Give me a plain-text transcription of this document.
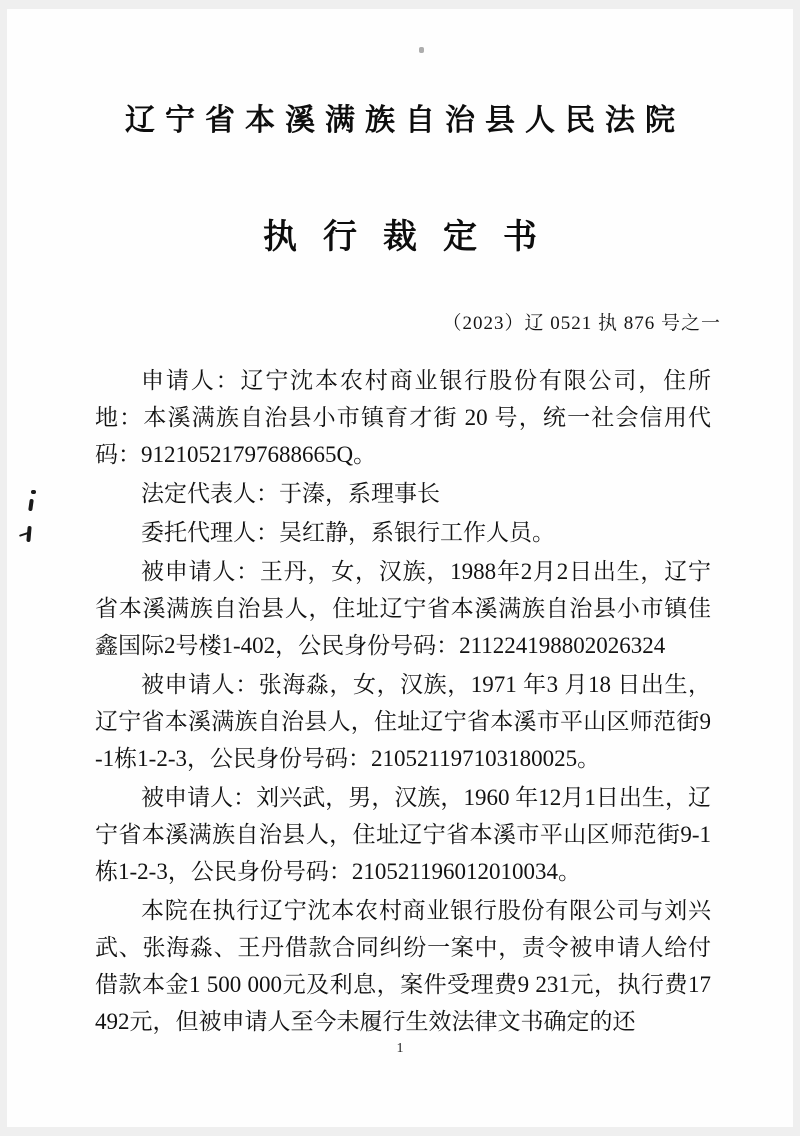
辽宁省本溪满族自治县人民法院
执行裁定书
（2023）辽 0521 执 876 号之一

申请人：辽宁沈本农村商业银行股份有限公司，住所地：本溪满族自治县小市镇育才街 20 号，统一社会信用代码：91210521797688665Q。

法定代表人：于溱，系理事长

委托代理人：吴红静，系银行工作人员。

被申请人：王丹，女，汉族，1988年2月2日出生，辽宁省本溪满族自治县人，住址辽宁省本溪满族自治县小市镇佳鑫国际2号楼1-402，公民身份号码：211224198802026324

被申请人：张海淼，女，汉族，1971 年3 月18 日出生，辽宁省本溪满族自治县人，住址辽宁省本溪市平山区师范街9-1栋1-2-3，公民身份号码：210521197103180025。

被申请人：刘兴武，男，汉族，1960 年12月1日出生，辽宁省本溪满族自治县人，住址辽宁省本溪市平山区师范街9-1栋1-2-3，公民身份号码：210521196012010034。

本院在执行辽宁沈本农村商业银行股份有限公司与刘兴武、张海淼、王丹借款合同纠纷一案中，责令被申请人给付借款本金1 500 000元及利息，案件受理费9 231元，执行费17 492元，但被申请人至今未履行生效法律文书确定的还

1
